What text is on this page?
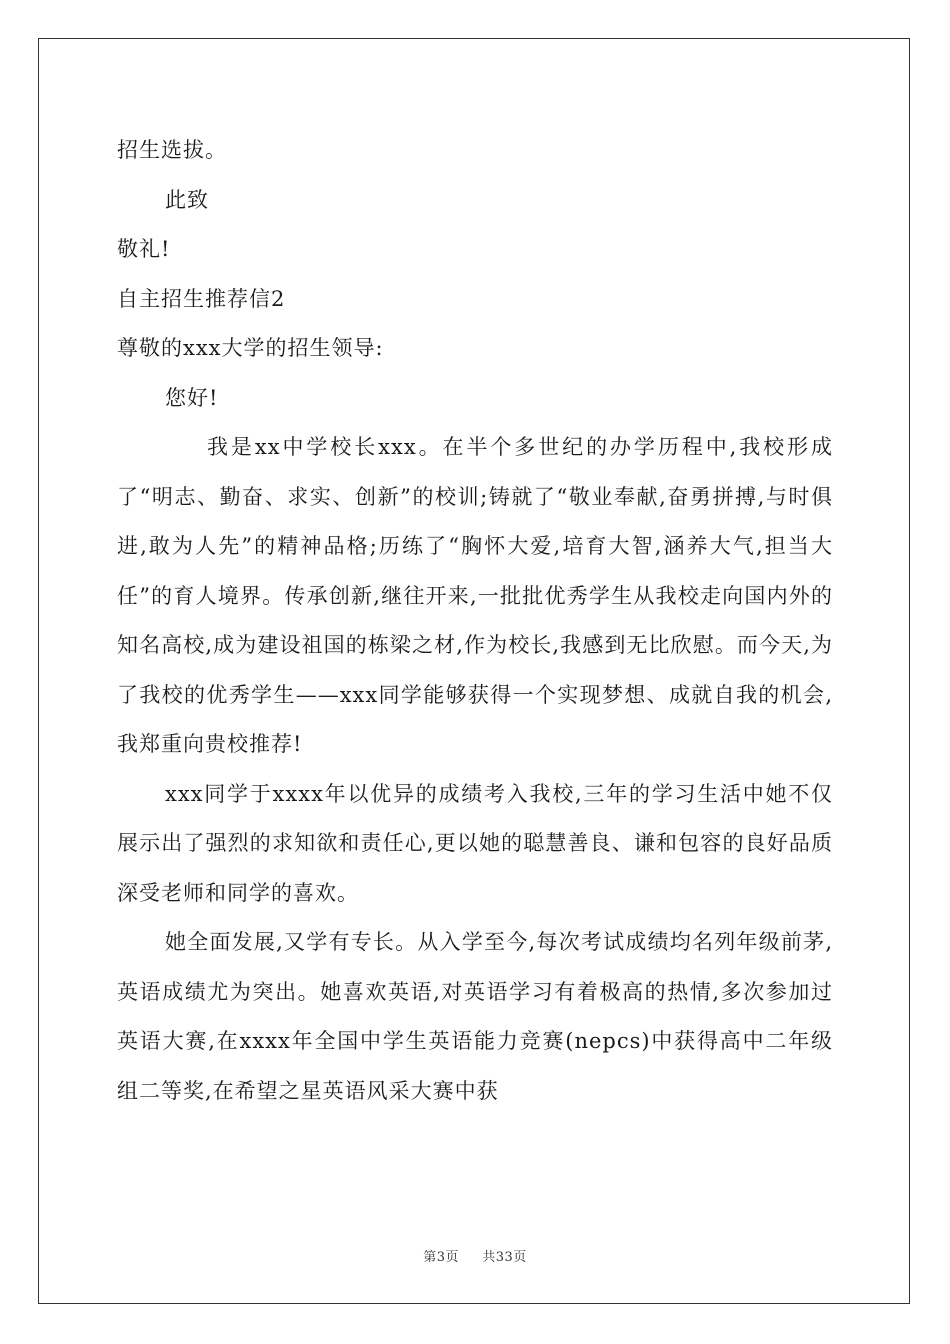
招生选拔。

此致

敬礼!

自主招生推荐信2

尊敬的xxx大学的招生领导:

您好!

我是xx中学校长xxx。在半个多世纪的办学历程中,我校形成了“明志、勤奋、求实、创新”的校训;铸就了“敬业奉献,奋勇拼搏,与时俱进,敢为人先”的精神品格;历练了“胸怀大爱,培育大智,涵养大气,担当大任”的育人境界。传承创新,继往开来,一批批优秀学生从我校走向国内外的知名高校,成为建设祖国的栋梁之材,作为校长,我感到无比欣慰。而今天,为了我校的优秀学生——xxx同学能够获得一个实现梦想、成就自我的机会,我郑重向贵校推荐!

xxx同学于xxxx年以优异的成绩考入我校,三年的学习生活中她不仅展示出了强烈的求知欲和责任心,更以她的聪慧善良、谦和包容的良好品质深受老师和同学的喜欢。

她全面发展,又学有专长。从入学至今,每次考试成绩均名列年级前茅,英语成绩尤为突出。她喜欢英语,对英语学习有着极高的热情,多次参加过英语大赛,在xxxx年全国中学生英语能力竞赛(nepcs)中获得高中二年级组二等奖,在希望之星英语风采大赛中获

第3页 共33页
